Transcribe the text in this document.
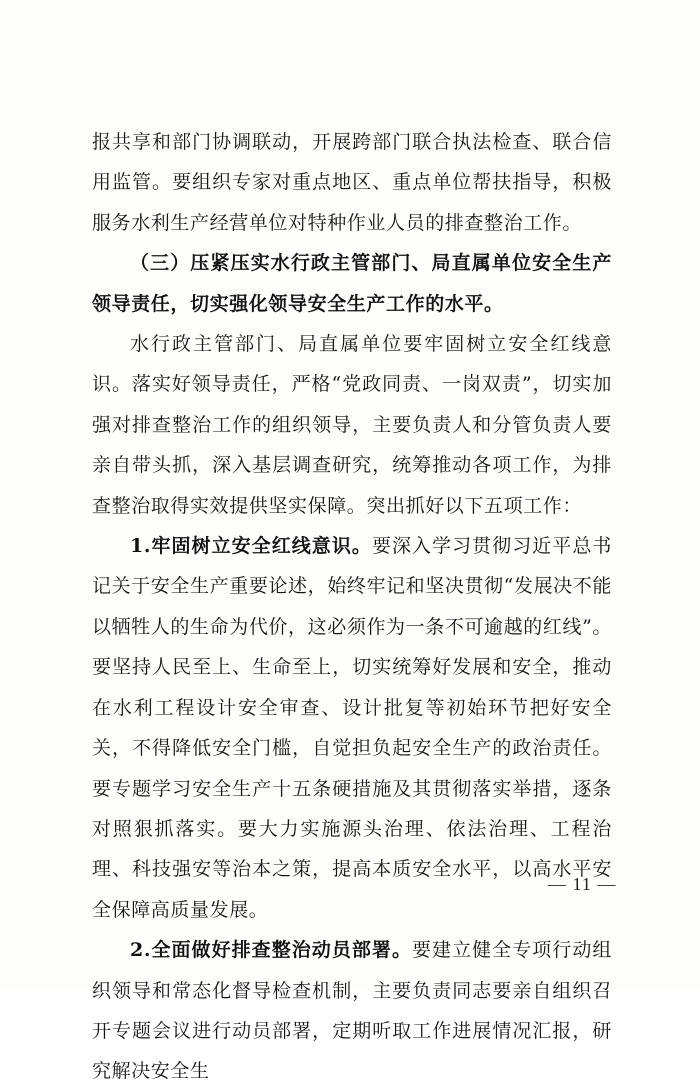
报共享和部门协调联动，开展跨部门联合执法检查、联合信用监管。要组织专家对重点地区、重点单位帮扶指导，积极服务水利生产经营单位对特种作业人员的排查整治工作。

（三）压紧压实水行政主管部门、局直属单位安全生产领导责任，切实强化领导安全生产工作的水平。

水行政主管部门、局直属单位要牢固树立安全红线意识。落实好领导责任，严格“党政同责、一岗双责”，切实加强对排查整治工作的组织领导，主要负责人和分管负责人要亲自带头抓，深入基层调查研究，统筹推动各项工作，为排查整治取得实效提供坚实保障。突出抓好以下五项工作：

1.牢固树立安全红线意识。要深入学习贯彻习近平总书记关于安全生产重要论述，始终牢记和坚决贯彻“发展决不能以牺牲人的生命为代价，这必须作为一条不可逾越的红线”。要坚持人民至上、生命至上，切实统筹好发展和安全，推动在水利工程设计安全审查、设计批复等初始环节把好安全关，不得降低安全门槛，自觉担负起安全生产的政治责任。要专题学习安全生产十五条硬措施及其贯彻落实举措，逐条对照狠抓落实。要大力实施源头治理、依法治理、工程治理、科技强安等治本之策，提高本质安全水平，以高水平安全保障高质量发展。

2.全面做好排查整治动员部署。要建立健全专项行动组织领导和常态化督导检查机制，主要负责同志要亲自组织召开专题会议进行动员部署，定期听取工作进展情况汇报，研究解决安全生

— 11 —
